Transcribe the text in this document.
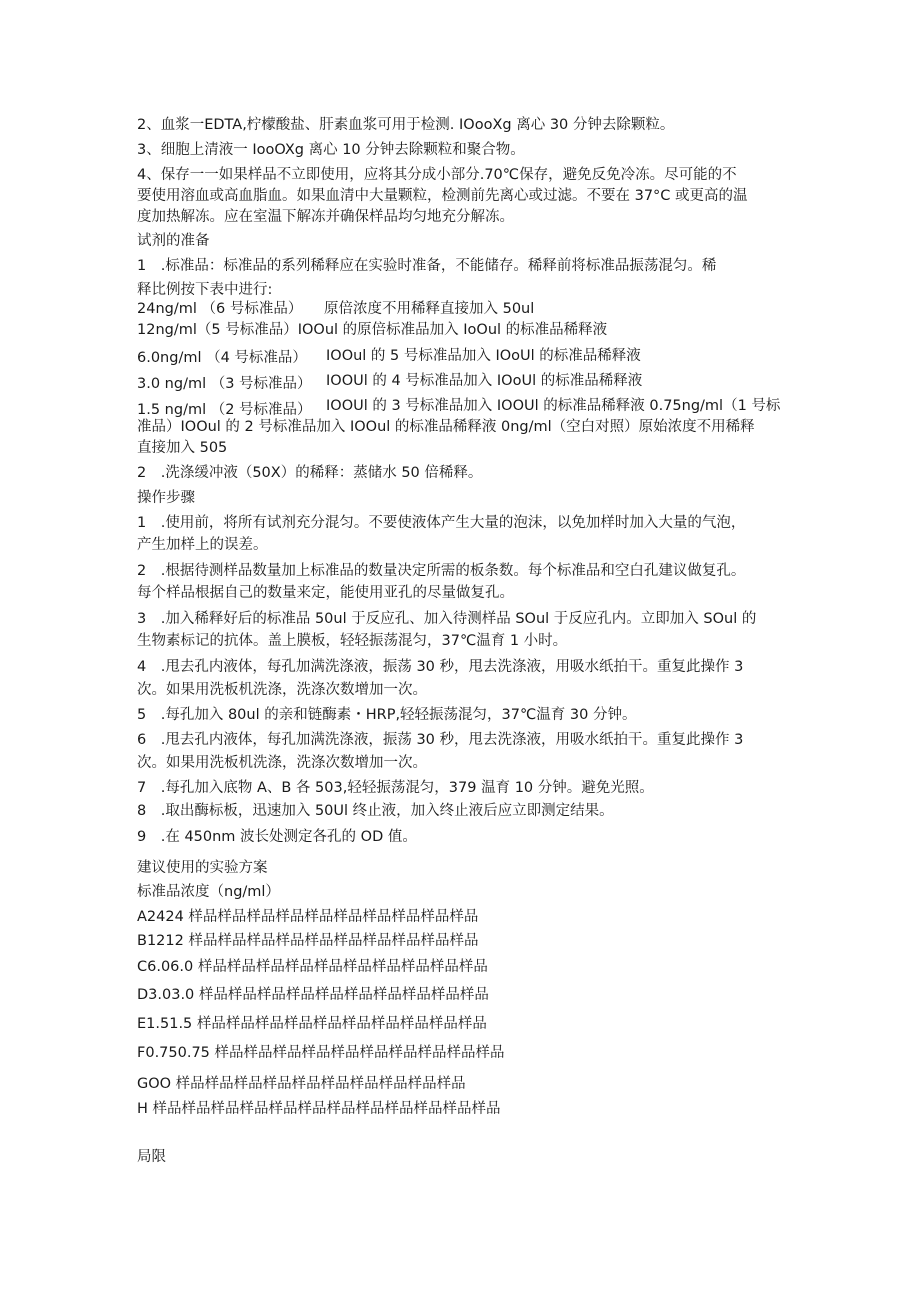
2、血浆一EDTA,柠檬酸盐、肝素血浆可用于检测. IOooXg 离心 30 分钟去除颗粒。
3、细胞上清液一 IooOXg 离心 10 分钟去除颗粒和聚合物。
4、保存一一如果样品不立即使用，应将其分成小部分.70℃保存，避免反免冷冻。尽可能的不
要使用溶血或高血脂血。如果血清中大量颗粒，检测前先离心或过滤。不要在 37°C 或更高的温
度加热解冻。应在室温下解冻并确保样品均匀地充分解冻。
试剂的准备
1　.标准品：标准品的系列稀释应在实验时准备，不能储存。稀释前将标准品振荡混匀。稀
释比例按下表中进行:
24ng/ml （6 号标准品） 原倍浓度不用稀释直接加入 50ul
12ng/ml（5 号标准品）IOOul 的原倍标准品加入 IoOul 的标准品稀释液
6.0ng/ml （4 号标准品） IOOul 的 5 号标准品加入 IOoUl 的标准品稀释液
3.0 ng/ml （3 号标准品） IOOUl 的 4 号标准品加入 IOoUl 的标准品稀释液
1.5 ng/ml （2 号标准品） IOOUl 的 3 号标准品加入 IOOUl 的标准品稀释液 0.75ng/ml（1 号标
准品）IOOul 的 2 号标准品加入 IOOul 的标准品稀释液 0ng/ml（空白对照）原始浓度不用稀释
直接加入 505
2　.洗涤缓冲液（50X）的稀释：蒸储水 50 倍稀释。
操作步骤
1　.使用前，将所有试剂充分混匀。不要使液体产生大量的泡沫，以免加样时加入大量的气泡，
产生加样上的误差。
2　.根据待测样品数量加上标准品的数量决定所需的板条数。每个标准品和空白孔建议做复孔。
每个样品根据自己的数量来定，能使用亚孔的尽量做复孔。
3　.加入稀释好后的标准品 50ul 于反应孔、加入待测样品 SOul 于反应孔内。立即加入 SOul 的
生物素标记的抗体。盖上膜板，轻轻振荡混匀，37℃温育 1 小时。
4　.甩去孔内液体，每孔加满洗涤液，振荡 30 秒，甩去洗涤液，用吸水纸拍干。重复此操作 3
次。如果用洗板机洗涤，洗涤次数增加一次。
5　.每孔加入 80ul 的亲和链酶素・HRP,轻轻振荡混匀，37℃温育 30 分钟。
6　.甩去孔内液体，每孔加满洗涤液，振荡 30 秒，甩去洗涤液，用吸水纸拍干。重复此操作 3
次。如果用洗板机洗涤，洗涤次数增加一次。
7　.每孔加入底物 A、B 各 503,轻轻振荡混匀，379 温育 10 分钟。避免光照。
8　.取出酶标板，迅速加入 50Ul 终止液，加入终止液后应立即测定结果。
9　.在 450nm 波长处测定各孔的 OD 值。
建议使用的实验方案
标准品浓度（ng/ml）
A2424 样品样品样品样品样品样品样品样品样品样品
B1212 样品样品样品样品样品样品样品样品样品样品
C6.06.0 样品样品样品样品样品样品样品样品样品样品
D3.03.0 样品样品样品样品样品样品样品样品样品样品
E1.51.5 样品样品样品样品样品样品样品样品样品样品
F0.750.75 样品样品样品样品样品样品样品样品样品样品
GOO 样品样品样品样品样品样品样品样品样品样品
H 样品样品样品样品样品样品样品样品样品样品样品样品
局限
